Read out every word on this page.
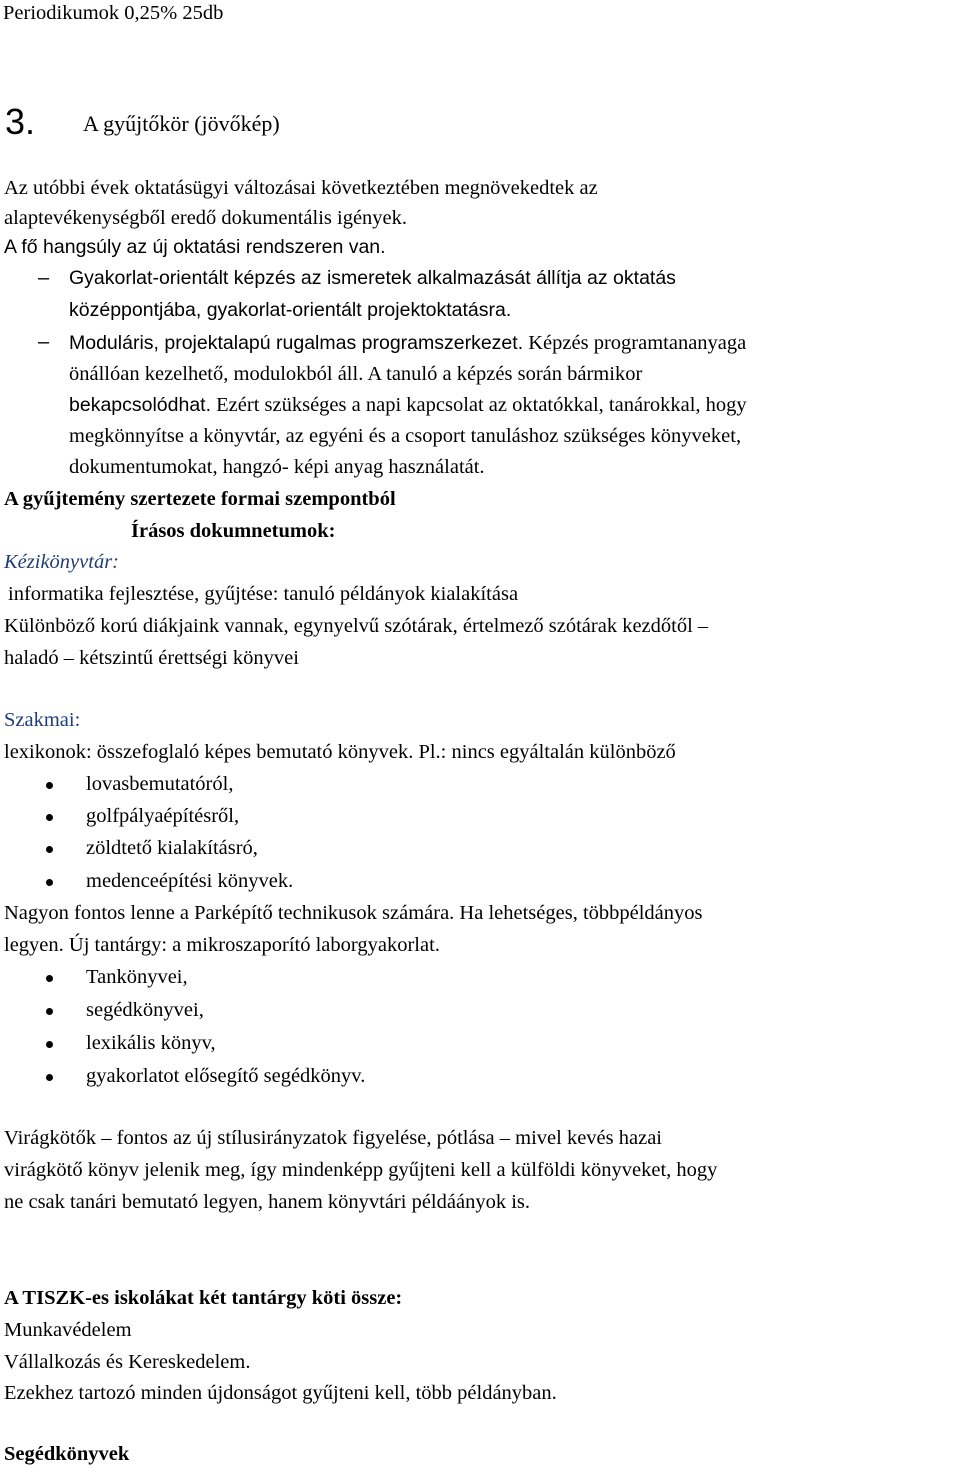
Periodikumok 0,25% 25db
3. A gyűjtőkör (jövőkép)
Az utóbbi évek oktatásügyi változásai következtében megnövekedtek az
alaptevékenységből eredő dokumentális igények.
A fő hangsúly az új oktatási rendszeren van.
– Gyakorlat-orientált képzés az ismeretek alkalmazását állítja az oktatás
középpontjába, gyakorlat-orientált projektoktatásra.
– Moduláris, projektalapú rugalmas programszerkezet. Képzés programtananyaga
önállóan kezelhető, modulokból áll. A tanuló a képzés során bármikor
bekapcsolódhat. Ezért szükséges a napi kapcsolat az oktatókkal, tanárokkal, hogy
megkönnyítse a könyvtár, az egyéni és a csoport tanuláshoz szükséges könyveket,
dokumentumokat, hangzó- képi anyag használatát.
A gyűjtemény szertezete formai szempontból
Írásos dokumnetumok:
Kézikönyvtár:
informatika fejlesztése, gyűjtése: tanuló példányok kialakítása
Különböző korú diákjaink vannak, egynyelvű szótárak, értelmező szótárak kezdőtől –
haladó – kétszintű érettségi könyvei
Szakmai:
lexikonok: összefoglaló képes bemutató könyvek. Pl.: nincs egyáltalán különböző
lovasbemutatóról,
golfpályaépítésről,
zöldtető kialakításró,
medenceépítési könyvek.
Nagyon fontos lenne a Parképítő technikusok számára. Ha lehetséges, többpéldányos
legyen. Új tantárgy: a mikroszaporító laborgyakorlat.
Tankönyvei,
segédkönyvei,
lexikális könyv,
gyakorlatot elősegítő segédkönyv.
Virágkötők – fontos az új stílusirányzatok figyelése, pótlása – mivel kevés hazai
virágkötő könyv jelenik meg, így mindenképp gyűjteni kell a külföldi könyveket, hogy
ne csak tanári bemutató legyen, hanem könyvtári példáányok is.
A TISZK-es iskolákat két tantárgy köti össze:
Munkavédelem
Vállalkozás és Kereskedelem.
Ezekhez tartozó minden újdonságot gyűjteni kell, több példányban.
Segédkönyvek
